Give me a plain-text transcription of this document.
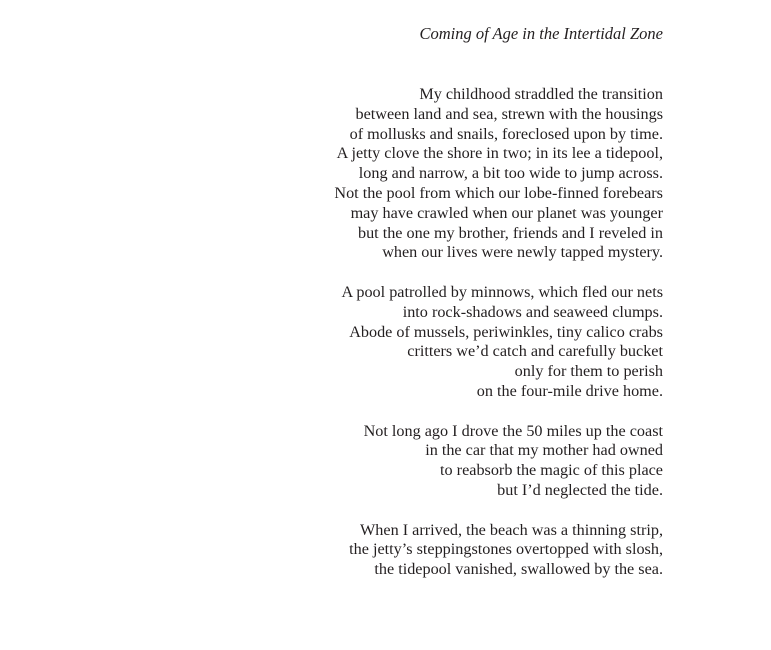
Coming of Age in the Intertidal Zone
My childhood straddled the transition
between land and sea, strewn with the housings
of mollusks and snails, foreclosed upon by time.
A jetty clove the shore in two; in its lee a tidepool,
long and narrow, a bit too wide to jump across.
Not the pool from which our lobe-finned forebears
may have crawled when our planet was younger
but the one my brother, friends and I reveled in
when our lives were newly tapped mystery.
A pool patrolled by minnows, which fled our nets
into rock-shadows and seaweed clumps.
Abode of mussels, periwinkles, tiny calico crabs
critters we’d catch and carefully bucket
only for them to perish
on the four-mile drive home.
Not long ago I drove the 50 miles up the coast
in the car that my mother had owned
to reabsorb the magic of this place
but I’d neglected the tide.
When I arrived, the beach was a thinning strip,
the jetty’s steppingstones overtopped with slosh,
the tidepool vanished, swallowed by the sea.
